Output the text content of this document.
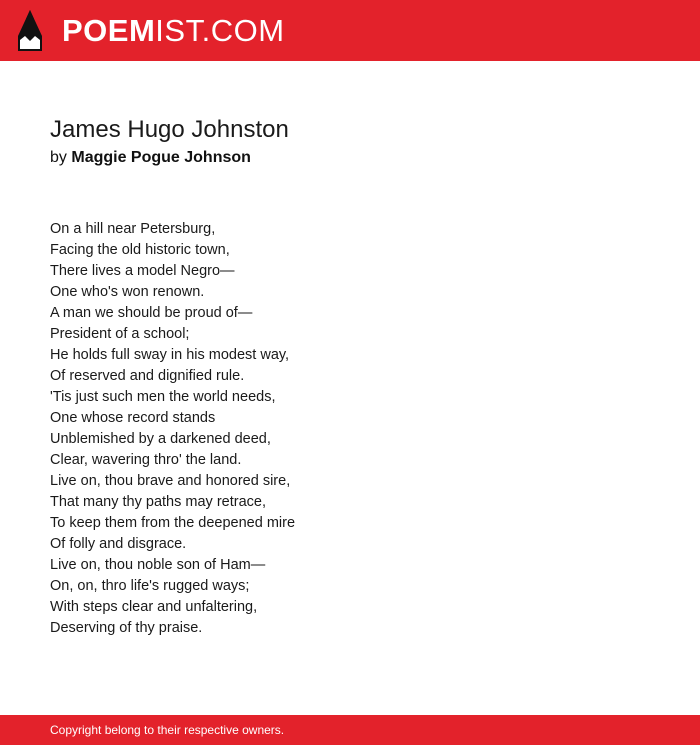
POEMIST.COM
James Hugo Johnston
by Maggie Pogue Johnson
On a hill near Petersburg,
Facing the old historic town,
There lives a model Negro—
One who's won renown.
A man we should be proud of—
President of a school;
He holds full sway in his modest way,
Of reserved and dignified rule.
'Tis just such men the world needs,
One whose record stands
Unblemished by a darkened deed,
Clear, wavering thro' the land.
Live on, thou brave and honored sire,
That many thy paths may retrace,
To keep them from the deepened mire
Of folly and disgrace.
Live on, thou noble son of Ham—
On, on, thro life's rugged ways;
With steps clear and unfaltering,
Deserving of thy praise.
Copyright belong to their respective owners.
